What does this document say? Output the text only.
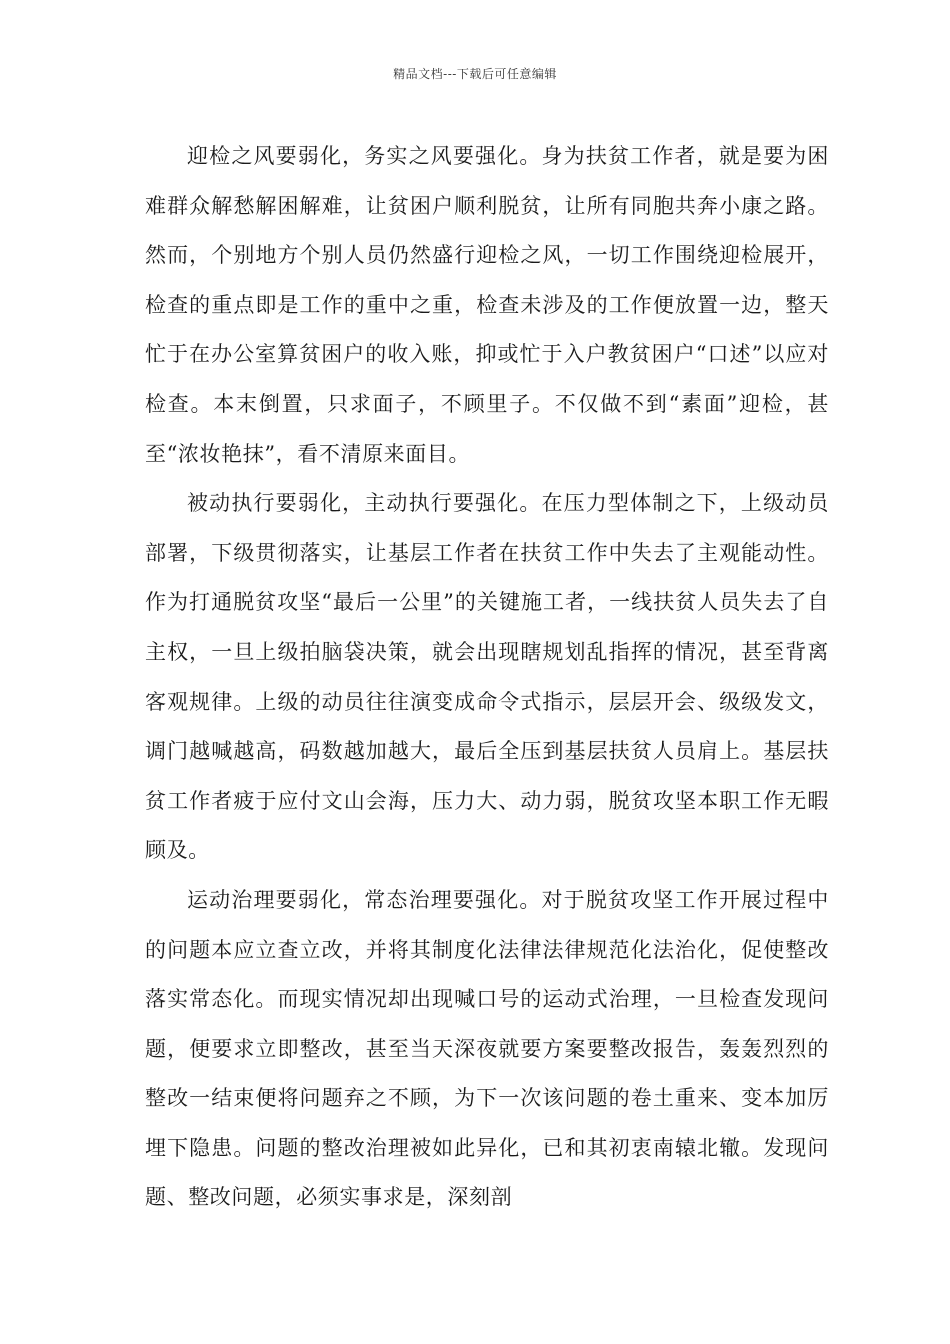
精品文档---下载后可任意编辑

迎检之风要弱化，务实之风要强化。身为扶贫工作者，就是要为困难群众解愁解困解难，让贫困户顺利脱贫，让所有同胞共奔小康之路。然而，个别地方个别人员仍然盛行迎检之风，一切工作围绕迎检展开，检查的重点即是工作的重中之重，检查未涉及的工作便放置一边，整天忙于在办公室算贫困户的收入账，抑或忙于入户教贫困户“口述”以应对检查。本末倒置，只求面子，不顾里子。不仅做不到“素面”迎检，甚至“浓妆艳抹”，看不清原来面目。

被动执行要弱化，主动执行要强化。在压力型体制之下，上级动员部署，下级贯彻落实，让基层工作者在扶贫工作中失去了主观能动性。作为打通脱贫攻坚“最后一公里”的关键施工者，一线扶贫人员失去了自主权，一旦上级拍脑袋决策，就会出现瞎规划乱指挥的情况，甚至背离客观规律。上级的动员往往演变成命令式指示，层层开会、级级发文，调门越喊越高，码数越加越大，最后全压到基层扶贫人员肩上。基层扶贫工作者疲于应付文山会海，压力大、动力弱，脱贫攻坚本职工作无暇顾及。

运动治理要弱化，常态治理要强化。对于脱贫攻坚工作开展过程中的问题本应立查立改，并将其制度化法律法律规范化法治化，促使整改落实常态化。而现实情况却出现喊口号的运动式治理，一旦检查发现问题，便要求立即整改，甚至当天深夜就要方案要整改报告，轰轰烈烈的整改一结束便将问题弃之不顾，为下一次该问题的卷土重来、变本加厉埋下隐患。问题的整改治理被如此异化，已和其初衷南辕北辙。发现问题、整改问题，必须实事求是，深刻剖
